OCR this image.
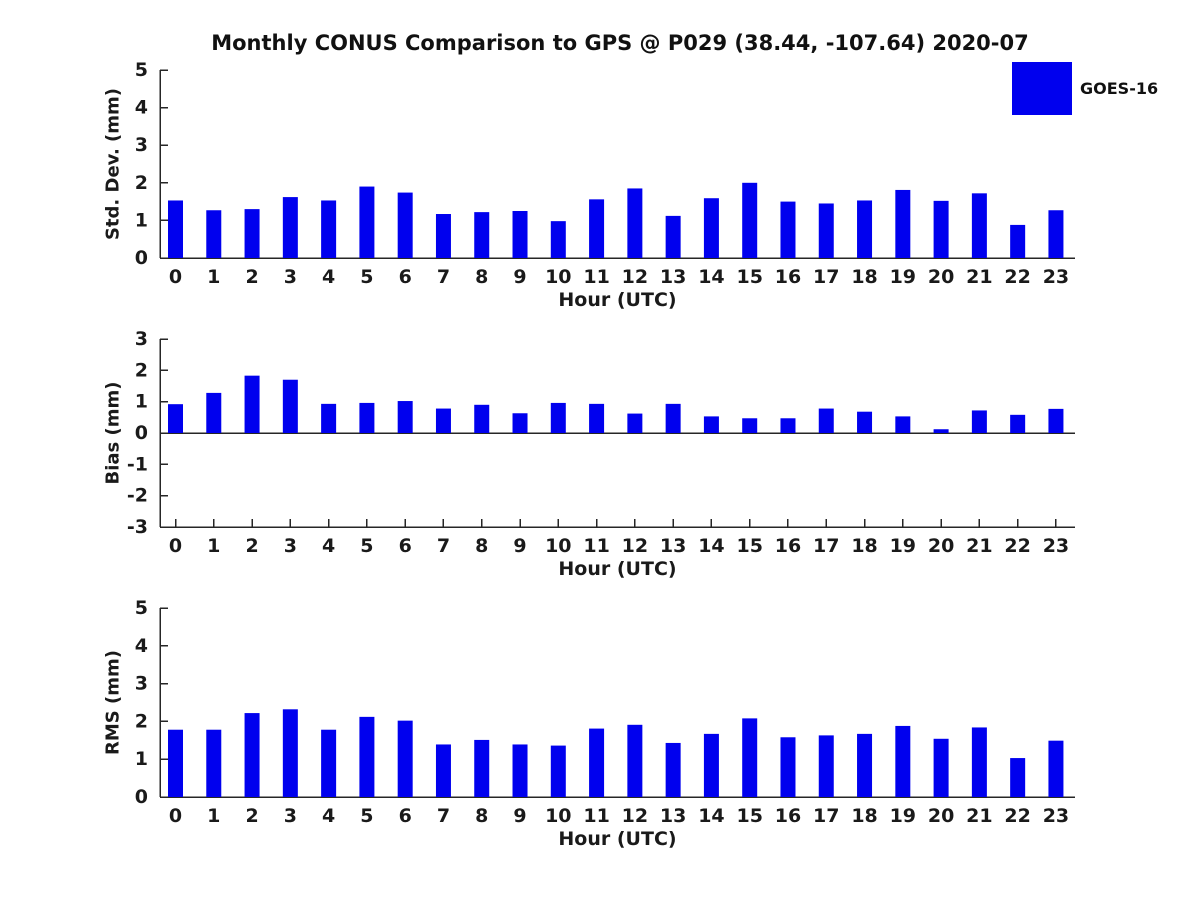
Monthly CONUS Comparison to GPS @ P029 (38.44, -107.64) 2020-07
GOES-16
0
1
2
3
4
5
0 1 2 3 4 5 6 7 8 9 10 11 12 13 14 15 16 17 18 19 20 21 22 23
Hour (UTC)
Std. Dev. (mm)
-3
-2
-1
0
1
2
3
0 1 2 3 4 5 6 7 8 9 10 11 12 13 14 15 16 17 18 19 20 21 22 23
Hour (UTC)
Bias (mm)
0
1
2
3
4
5
0 1 2 3 4 5 6 7 8 9 10 11 12 13 14 15 16 17 18 19 20 21 22 23
Hour (UTC)
RMS (mm)
